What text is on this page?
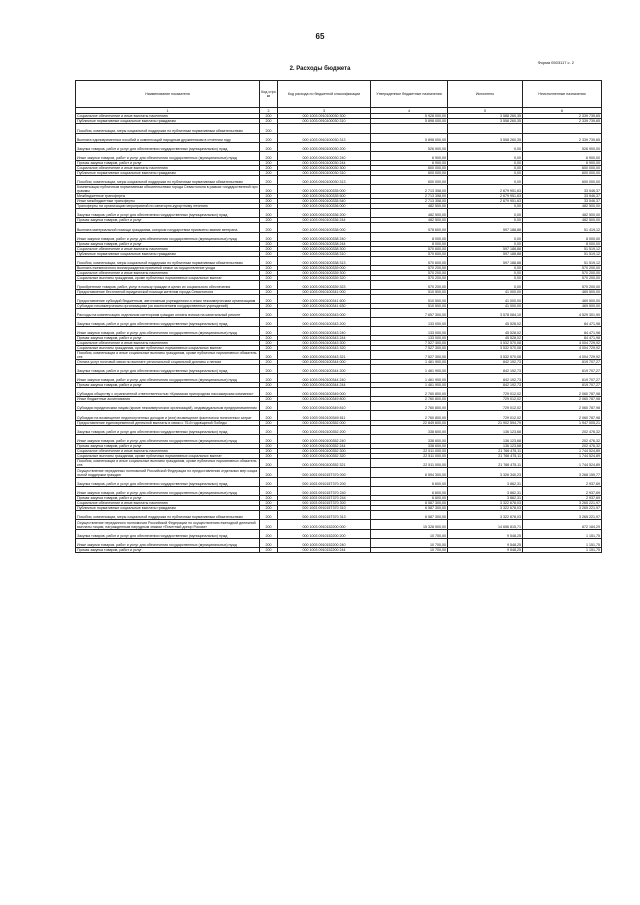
65
Форма 0503117 с. 2
2. Расходы бюджета
Наименование показателя	Код строки	Код расхода по бюджетной классификации	Утвержденные бюджетные назначения	Исполнено	Неисполненные назначения
1	2	3	4	5	6
Социальное обеспечение и иные выплаты населению	200	000 1003 0910100030 300	5 928 000,00	3 588 260,35	2 339 739,65
Публичные нормативные социальные выплаты гражданам	200	000 1003 0910100030 310	5 898 000,00	3 558 260,35	2 339 739,65
Пособия, компенсации, меры социальной поддержки по публичным нормативным обязательствам	200				
Выплата единовременных пособий и компенсаций народным дружинникам в отчетном году	200	000 1003 0910100030 313	5 898 000,00	3 558 260,35	2 339 739,65
Закупка товаров, работ и услуг для обеспечения государственных (муниципальных) нужд	200	000 1003 0910100030 200	526 900,00	0,00	526 900,00
Иные закупки товаров, работ и услуг для обеспечения государственных (муниципальных) нужд	200	000 1003 0910100030 240	6 900,00	0,00	6 900,00
Прочая закупка товаров, работ и услуг	200	000 1003 0910100030 244	6 900,00	0,00	6 900,00
Социальное обеспечение и иные выплаты населению	200	000 1003 0910100030 300	600 000,00	0,00	600 000,00
Публичные нормативные социальные выплаты гражданам	200	000 1003 0910100030 310	600 000,00	0,00	600 000,00
Пособия, компенсации, меры социальной поддержки по публичным нормативным обязательствам	200	000 1003 0910100030 313	600 000,00	0,00	600 000,00
Компенсации публичным нормативным обязательствам города Севастополя в рамках государственной программы	200	000 1003 0910100335 000	2 713 358,00	2 679 951,63	33 546,37
Межбюджетные трансферты	200	000 1003 0910100335 500	2 713 358,00	2 679 951,63	33 546,37
Иные межбюджетные трансферты	200	000 1003 0910100335 540	2 713 358,00	2 679 951,63	33 546,37
Трансферты на организацию мероприятий по санаторно-курортному лечению	200	000 1003 0910100336 000	482 500,00	0,00	482 500,00
Закупка товаров, работ и услуг для обеспечения государственных (муниципальных) нужд	200	000 1003 0910100336 200	482 500,00	0,00	482 500,00
Прочая закупка товаров, работ и услуг	200	000 1003 0910100336 244	482 500,00	0,00	482 500,00
Выплата материальной помощи гражданам, которым государством присвоено звание ветерана	200	000 1003 0910100338 000	578 600,00	597 188,88	51 419,12
Иные закупки товаров, работ и услуг для обеспечения государственных (муниципальных) нужд	200	000 1003 0910100338 240	8 000,00	0,00	8 000,00
Прочая закупка товаров, работ и услуг	200	000 1003 0910100338 244	8 000,00	0,00	8 000,00
Социальное обеспечение и иные выплаты населению	200	000 1003 0910100338 300	570 600,00	597 188,88	51 519,12
Публичные нормативные социальные выплаты гражданам	200	000 1003 0910100338 310	570 600,00	597 188,88	51 519,12
Пособия, компенсации, меры социальной поддержки по публичным нормативным обязательствам	200	000 1003 0910100338 313	570 600,00	597 188,88	51 519,12
Выплата ежемесячного вознаграждения приемной семье за осуществление ухода	200	000 1003 0910100339 000	570 200,00	0,00	570 200,00
Социальное обеспечение и иные выплаты населению	200	000 1003 0910100339 300	570 200,00	0,00	570 200,00
Социальные выплаты гражданам, кроме публичных нормативных социальных выплат	200	000 1003 0910100339 320	570 200,00	0,00	570 200,00
Приобретение товаров, работ, услуг в пользу граждан в целях их социального обеспечения	200	000 1003 0910100339 323	570 200,00	0,00	570 200,00
Предоставление бесплатной юридической помощи жителям города Севастополя	200	000 1003 0910100341 000	510 500,00	41 000,00	469 500,00
Предоставление субсидий бюджетным, автономным учреждениям и иным некоммерческим организациям	200	000 1003 0910100341 600	510 500,00	41 000,00	469 500,00
Субсидии некоммерческим организациям (за исключением государственных учреждений)	200	000 1003 0910100341 630	510 500,00	41 000,00	469 500,00
Расходы на компенсацию отдельным категориям граждан оплаты взноса на капитальный ремонт	200	000 1003 0910100343 000	7 657 300,00	3 578 084,10	4 529 301,90
Закупка товаров, работ и услуг для обеспечения государственных (муниципальных) нужд	200	000 1003 0910100343 200	133 000,00	45 528,02	84 471,98
Иные закупки товаров, работ и услуг для обеспечения государственных (муниципальных) нужд	200	000 1003 0910100343 240	133 000,00	45 528,02	84 471,98
Прочая закупка товаров, работ и услуг	200	000 1003 0910100343 244	133 000,00	45 528,02	84 471,98
Социальное обеспечение и иные выплаты населению	200	000 1003 0910100343 300	7 527 300,00	3 532 570,08	4 004 729,92
Социальные выплаты гражданам, кроме публичных нормативных социальных выплат	200	000 1003 0910100343 320	7 527 300,00	3 532 570,08	4 004 729,92
Пособия, компенсации и иные социальные выплаты гражданам, кроме публичных нормативных обязательств	200	000 1003 0910100343 321	7 527 300,00	3 532 570,08	4 004 729,92
Оплата услуг почтовой связи по выплате региональной социальной доплаты к пенсии	200	000 1003 0910100344 000	1 461 900,00	842 192,73	619 707,27
Закупка товаров, работ и услуг для обеспечения государственных (муниципальных) нужд	200	000 1003 0910100344 200	1 461 900,00	842 192,73	619 707,27
Иные закупки товаров, работ и услуг для обеспечения государственных (муниципальных) нужд	200	000 1003 0910100344 240	1 461 900,00	842 192,73	619 707,27
Прочая закупка товаров, работ и услуг	200	000 1003 0910100344 244	1 461 900,00	842 192,73	619 707,27
Субсидия обществу с ограниченной ответственностью «Крымская пригородная пассажирская компания»	200	000 1003 0910100349 000	2 760 800,00	729 012,02	2 060 787,98
Иные бюджетные ассигнования	200	000 1003 0910100349 800	2 760 800,00	729 012,02	2 060 787,98
Субсидии юридическим лицам (кроме некоммерческих организаций), индивидуальным предпринимателям	200	000 1003 0910100349 810	2 760 800,00	729 012,02	2 060 787,98
Субсидии на возмещение недополученных доходов и (или) возмещение фактически понесенных затрат	200	000 1003 0910100349 811	2 760 800,00	729 012,02	2 060 787,98
Предоставление единовременной денежной выплаты в связи с 75-й годовщиной Победы	200	000 1003 0910100352 000	22 849 600,00	21 902 594,79	1 947 005,21
Закупка товаров, работ и услуг для обеспечения государственных (муниципальных) нужд	200	000 1003 0910100352 200	338 600,00	136 123,68	202 476,32
Иные закупки товаров, работ и услуг для обеспечения государственных (муниципальных) нужд	200	000 1003 0910100352 240	338 600,00	136 123,68	202 476,32
Прочая закупка товаров, работ и услуг	200	000 1003 0910100352 244	338 600,00	136 123,68	202 476,32
Социальное обеспечение и иные выплаты населению	200	000 1003 0910100352 300	22 511 000,00	21 766 475,11	1 744 524,89
Социальные выплаты гражданам, кроме публичных нормативных социальных выплат	200	000 1003 0910100352 320	22 511 000,00	21 766 475,11	1 744 524,89
Пособия, компенсации и иные социальные выплаты гражданам, кроме публичных нормативных обязательств	200	000 1003 0910100352 321	22 511 000,00	21 766 475,11	1 744 524,89
Осуществление переданных полномочий Российской Федерации по предоставлению отдельных мер социальной поддержки граждан	200	000 1003 091015Т370 000	6 594 300,00	3 326 340,23	3 268 159,77
Закупка товаров, работ и услуг для обеспечения государственных (муниципальных) нужд	200	000 1003 091015Т370 200	6 600,00	3 862,31	2 937,69
Иные закупки товаров, работ и услуг для обеспечения государственных (муниципальных) нужд	200	000 1003 091015Т370 240	6 600,00	3 862,31	2 937,69
Прочая закупка товаров, работ и услуг	200	000 1003 091015Т370 244	6 600,00	3 862,31	2 937,69
Социальное обеспечение и иные выплаты населению	200	000 1003 091015Т370 300	6 587 300,00	3 322 678,03	3 265 221,97
Публичные нормативные социальные выплаты гражданам	200	000 1003 091015Т370 310	6 587 300,00	3 322 678,03	3 265 221,97
Пособия, компенсации, меры социальной поддержки по публичным нормативным обязательствам	200	000 1003 091015Т370 313	6 587 300,00	3 322 678,03	3 265 221,97
Осуществление переданного полномочия Российской Федерации по осуществлению ежегодной денежной выплаты лицам, награжденным нагрудным знаком «Почетный донор России»	200	000 1003 0910152200 000	15 328 900,00	14 656 815,71	672 184,29
Закупка товаров, работ и услуг для обеспечения государственных (муниципальных) нужд	200	000 1003 0910152200 200	10 700,00	9 548,25	1 151,75
Иные закупки товаров, работ и услуг для обеспечения государственных (муниципальных) нужд	200	000 1003 0910152200 240	10 700,00	9 548,25	1 151,75
Прочая закупка товаров, работ и услуг	200	000 1003 0910152200 244	10 700,00	9 548,25	1 151,75
